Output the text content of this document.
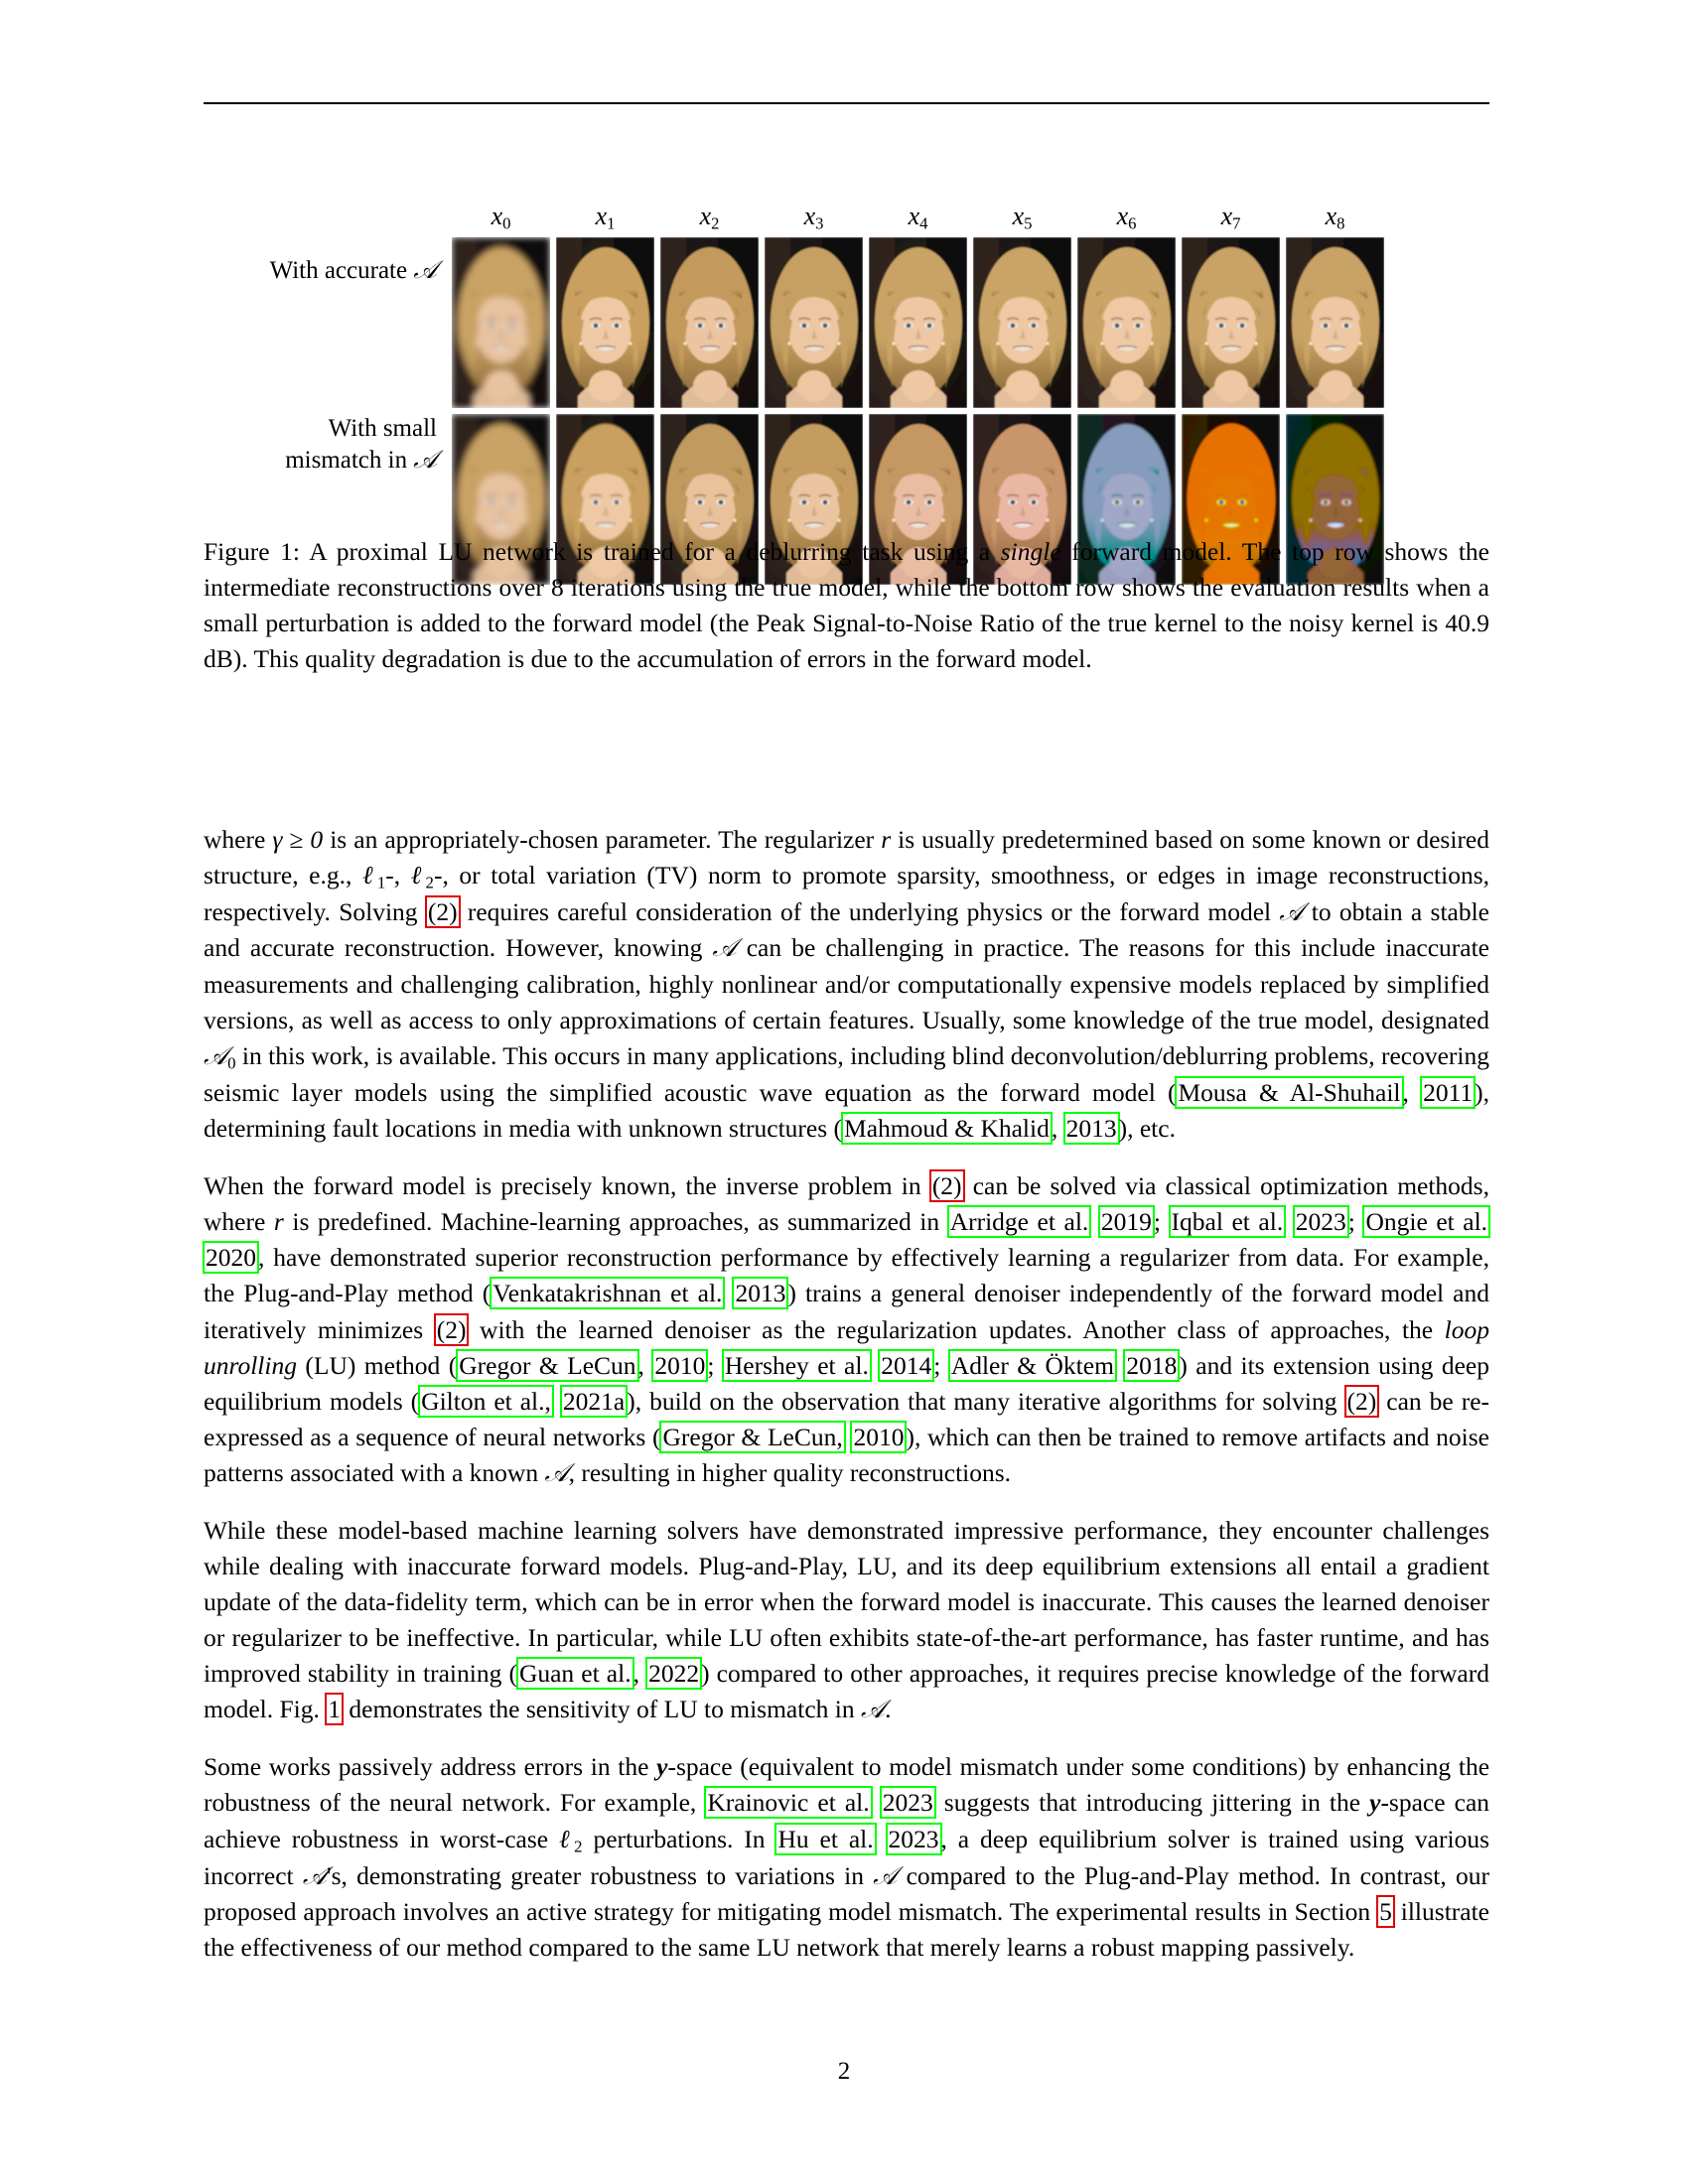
With accurate 𝒜
With small
mismatch in 𝒜
$x_0$	$x_1$	$x_2$	$x_3$	$x_4$	$x_5$	$x_6$	$x_7$	$x_8$
Figure 1: A proximal LU network is trained for a deblurring task using a single forward model. The top row shows the intermediate reconstructions over 8 iterations using the true model, while the bottom row shows the evaluation results when a small perturbation is added to the forward model (the Peak Signal-to-Noise Ratio of the true kernel to the noisy kernel is 40.9 dB). This quality degradation is due to the accumulation of errors in the forward model.

where γ ≥ 0 is an appropriately-chosen parameter. The regularizer r is usually predetermined based on some known or desired structure, e.g., ℓ$_1$-, ℓ$_2$-, or total variation (TV) norm to promote sparsity, smoothness, or edges in image reconstructions, respectively. Solving (2) requires careful consideration of the underlying physics or the forward model 𝒜 to obtain a stable and accurate reconstruction. However, knowing 𝒜 can be challenging in practice. The reasons for this include inaccurate measurements and challenging calibration, highly nonlinear and/or computationally expensive models replaced by simplified versions, as well as access to only approximations of certain features. Usually, some knowledge of the true model, designated 𝒜$_0$ in this work, is available. This occurs in many applications, including blind deconvolution/deblurring problems, recovering seismic layer models using the simplified acoustic wave equation as the forward model (Mousa & Al-Shuhail, 2011), determining fault locations in media with unknown structures (Mahmoud & Khalid, 2013), etc.

When the forward model is precisely known, the inverse problem in (2) can be solved via classical optimization methods, where r is predefined. Machine-learning approaches, as summarized in Arridge et al. 2019; Iqbal et al. 2023; Ongie et al. 2020, have demonstrated superior reconstruction performance by effectively learning a regularizer from data. For example, the Plug-and-Play method (Venkatakrishnan et al. 2013) trains a general denoiser independently of the forward model and iteratively minimizes (2) with the learned denoiser as the regularization updates. Another class of approaches, the loop unrolling (LU) method (Gregor & LeCun, 2010; Hershey et al. 2014; Adler & Öktem 2018) and its extension using deep equilibrium models (Gilton et al., 2021a), build on the observation that many iterative algorithms for solving (2) can be re-expressed as a sequence of neural networks (Gregor & LeCun, 2010), which can then be trained to remove artifacts and noise patterns associated with a known 𝒜, resulting in higher quality reconstructions.

While these model-based machine learning solvers have demonstrated impressive performance, they encounter challenges while dealing with inaccurate forward models. Plug-and-Play, LU, and its deep equilibrium extensions all entail a gradient update of the data-fidelity term, which can be in error when the forward model is inaccurate. This causes the learned denoiser or regularizer to be ineffective. In particular, while LU often exhibits state-of-the-art performance, has faster runtime, and has improved stability in training (Guan et al., 2022) compared to other approaches, it requires precise knowledge of the forward model. Fig. 1 demonstrates the sensitivity of LU to mismatch in 𝒜.

Some works passively address errors in the y-space (equivalent to model mismatch under some conditions) by enhancing the robustness of the neural network. For example, Krainovic et al. 2023 suggests that introducing jittering in the y-space can achieve robustness in worst-case ℓ$_2$ perturbations. In Hu et al. 2023, a deep equilibrium solver is trained using various incorrect 𝒜's, demonstrating greater robustness to variations in 𝒜 compared to the Plug-and-Play method. In contrast, our proposed approach involves an active strategy for mitigating model mismatch. The experimental results in Section 5 illustrate the effectiveness of our method compared to the same LU network that merely learns a robust mapping passively.

2
